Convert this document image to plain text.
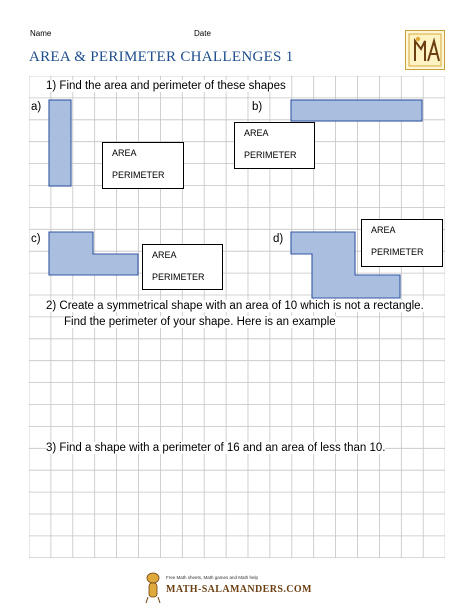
Name	Date
AREA & PERIMETER CHALLENGES 1
1) Find the area and perimeter of these shapes
2) Create a symmetrical shape with an area of 10 which is not a rectangle.
Find the perimeter of your shape. Here is an example
3) Find a shape with a perimeter of 16 and an area of less than 10.
a)	b)
c)	d)
AREA
PERIMETER
AREA
PERIMETER
AREA
PERIMETER
AREA
PERIMETER
Free Math sheets, Math games and Math help
MATH-SALAMANDERS.COM
